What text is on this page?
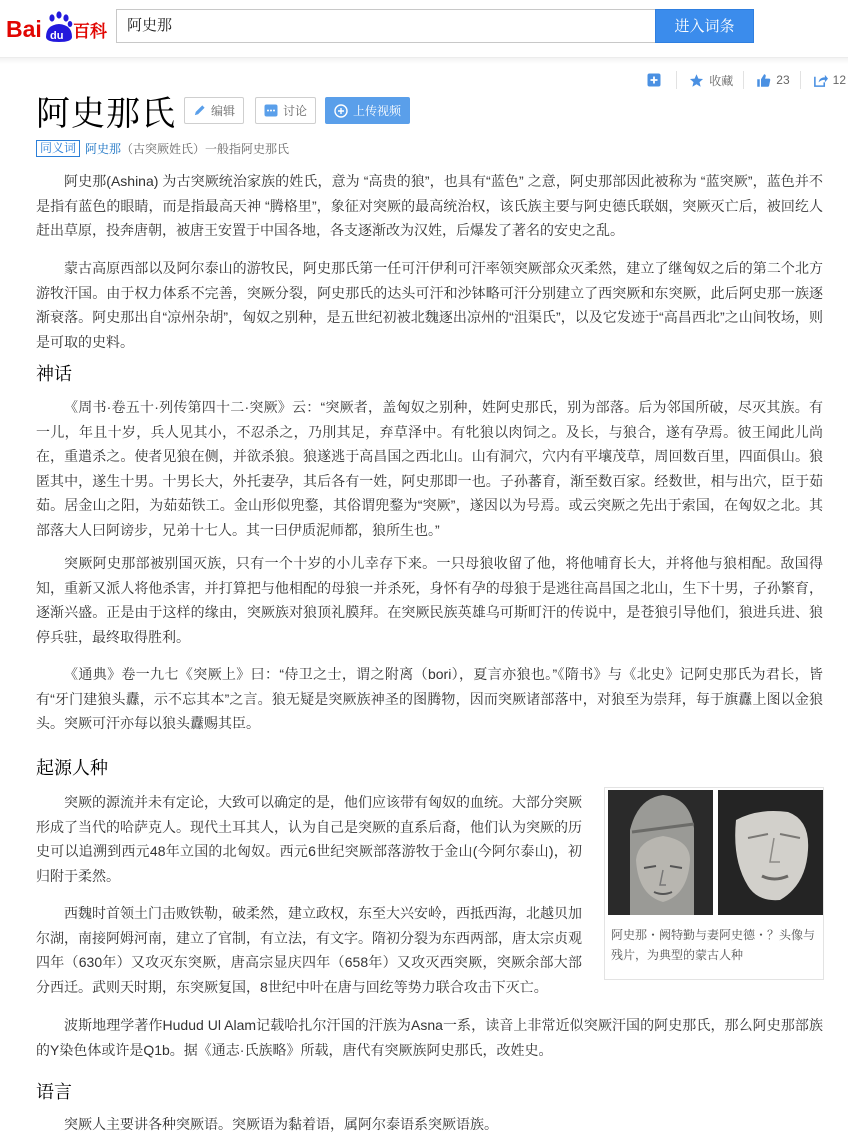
Bai du 百科	阿史那	进入词条
收藏	23	12
阿史那氏	编辑	讨论	上传视频
同义词 阿史那 （古突厥姓氏）一般指阿史那氏
阿史那(Ashina) 为古突厥统治家族的姓氏，意为 “高贵的狼”，也具有“蓝色” 之意，阿史那部因此被称为 “蓝突厥”，蓝色并不是指有蓝色的眼睛，而是指最高天神 “腾格里”，象征对突厥的最高统治权，该氏族主要与阿史德氏联姻，突厥灭亡后，被回纥人赶出草原，投奔唐朝，被唐王安置于中国各地，各支逐渐改为汉姓，后爆发了著名的安史之乱。
蒙古高原西部以及阿尔泰山的游牧民，阿史那氏第一任可汗伊利可汗率领突厥部众灭柔然，建立了继匈奴之后的第二个北方游牧汗国。由于权力体系不完善，突厥分裂，阿史那氏的达头可汗和沙钵略可汗分别建立了西突厥和东突厥，此后阿史那一族逐渐衰落。阿史那出自“凉州杂胡”，匈奴之别种，是五世纪初被北魏逐出凉州的“沮渠氏”，以及它发迹于“高昌西北”之山间牧场，则是可取的史料。
神话
《周书·卷五十·列传第四十二·突厥》云：“突厥者，盖匈奴之别种，姓阿史那氏，别为部落。后为邻国所破，尽灭其族。有一儿，年且十岁，兵人见其小，不忍杀之，乃刖其足，弃草泽中。有牝狼以肉饲之。及长，与狼合，遂有孕焉。彼王闻此儿尚在，重遣杀之。使者见狼在侧，并欲杀狼。狼遂逃于高昌国之西北山。山有洞穴，穴内有平壤茂草，周回数百里，四面俱山。狼匿其中，遂生十男。十男长大，外托妻孕，其后各有一姓，阿史那即一也。子孙蕃育，渐至数百家。经数世，相与出穴，臣于茹茹。居金山之阳，为茹茹铁工。金山形似兜鍪，其俗谓兜鍪为“突厥”，遂因以为号焉。或云突厥之先出于索国，在匈奴之北。其部落大人曰阿谤步，兄弟十七人。其一曰伊质泥师都，狼所生也。”
突厥阿史那部被别国灭族，只有一个十岁的小儿幸存下来。一只母狼收留了他，将他哺育长大，并将他与狼相配。敌国得知，重新又派人将他杀害，并打算把与他相配的母狼一并杀死，身怀有孕的母狼于是逃往高昌国之北山，生下十男，子孙繁育，逐渐兴盛。正是由于这样的缘由，突厥族对狼顶礼膜拜。在突厥民族英雄乌可斯町汗的传说中，是苍狼引导他们，狼进兵进、狼停兵驻，最终取得胜利。
《通典》卷一九七《突厥上》曰：“侍卫之士，谓之附离（bori），夏言亦狼也。”《隋书》与《北史》记阿史那氏为君长，皆有“牙门建狼头纛，示不忘其本”之言。狼无疑是突厥族神圣的图腾物，因而突厥诸部落中，对狼至为崇拜，每于旗纛上图以金狼头。突厥可汗亦每以狼头纛赐其臣。
起源人种
突厥的源流并未有定论，大致可以确定的是，他们应该带有匈奴的血统。大部分突厥形成了当代的哈萨克人。现代土耳其人，认为自己是突厥的直系后裔，他们认为突厥的历史可以追溯到西元48年立国的北匈奴。西元6世纪突厥部落游牧于金山(今阿尔泰山)，初归附于柔然。
西魏时首领土门击败铁勒，破柔然，建立政权，东至大兴安岭，西抵西海，北越贝加尔湖，南接阿姆河南，建立了官制，有立法，有文字。隋初分裂为东西两部，唐太宗贞观四年（630年）又攻灭东突厥，唐高宗显庆四年（658年）又攻灭西突厥，突厥余部大部分西迁。武则天时期，东突厥复国，8世纪中叶在唐与回纥等势力联合攻击下灭亡。
波斯地理学著作Hudud Ul Alam记载哈扎尔汗国的汗族为Asna一系，读音上非常近似突厥汗国的阿史那氏，那么阿史那部族的Y染色体或许是Q1b。据《通志·氏族略》所载，唐代有突厥族阿史那氏，改姓史。
阿史那・阙特勤与妻阿史德・？头像与残片，为典型的蒙古人种
语言
突厥人主要讲各种突厥语。突厥语为黏着语，属阿尔泰语系突厥语族。
